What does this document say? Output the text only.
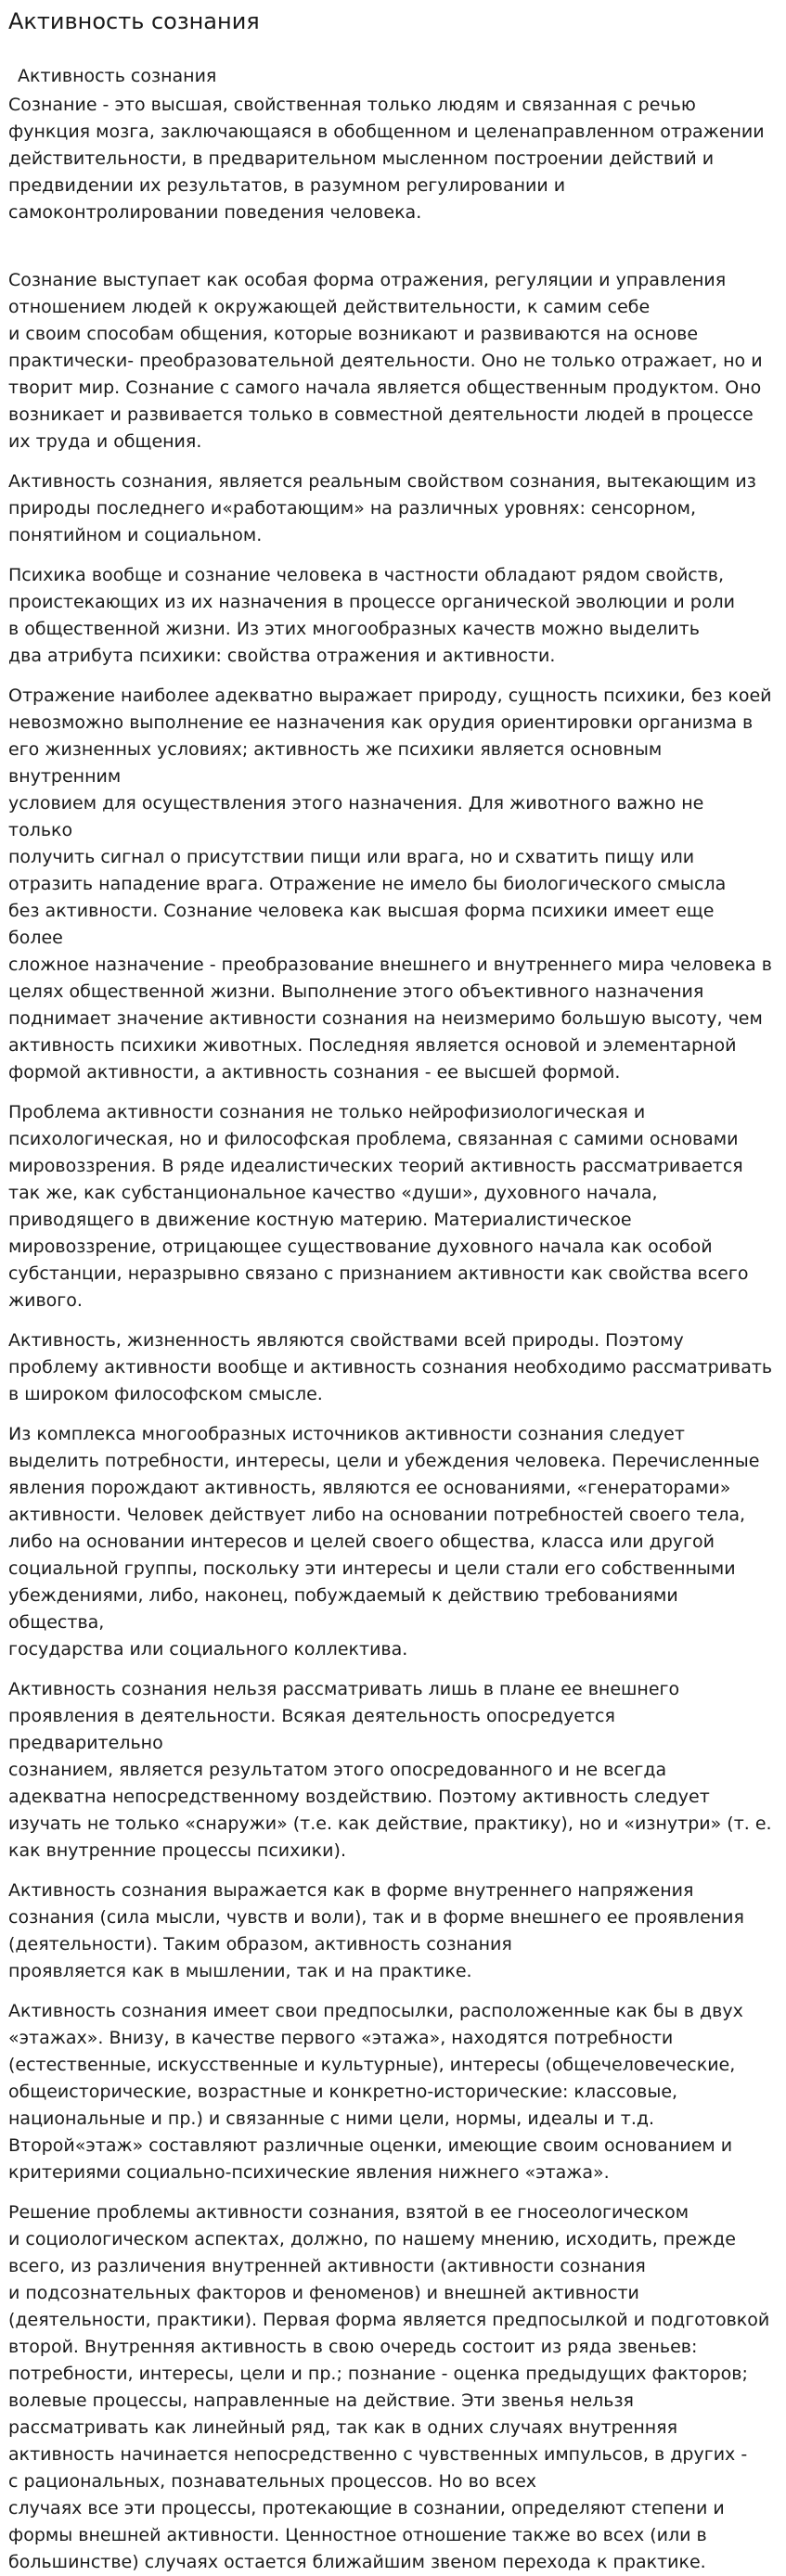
Активность сознания
Активность сознания

Сознание - это высшая, свойственная только людям и связанная с речью
функция мозга, заключающаяся в обобщенном и целенаправленном отражении
действительности, в предварительном мысленном построении действий и
предвидении их результатов, в разумном регулировании и
самоконтролировании поведения человека.

Сознание выступает как особая форма отражения, регуляции и управления
отношением людей к окружающей действительности, к самим себе
и своим способам общения, которые возникают и развиваются на основе
практически- преобразовательной деятельности. Оно не только отражает, но и
творит мир. Сознание с самого начала является общественным продуктом. Оно
возникает и развивается только в совместной деятельности людей в процессе
их труда и общения.

Активность сознания, является реальным свойством сознания, вытекающим из
природы последнего и«работающим» на различных уровнях: сенсорном,
понятийном и социальном.

Психика вообще и сознание человека в частности обладают рядом свойств,
проистекающих из их назначения в процессе органической эволюции и роли
в общественной жизни. Из этих многообразных качеств можно выделить
два атрибута психики: свойства отражения и активности.

Отражение наиболее адекватно выражает природу, сущность психики, без коей
невозможно выполнение ее назначения как орудия ориентировки организма в
его жизненных условиях; активность же психики является основным внутренним
условием для осуществления этого назначения. Для животного важно не только
получить сигнал о присутствии пищи или врага, но и схватить пищу или
отразить нападение врага. Отражение не имело бы биологического смысла
без активности. Сознание человека как высшая форма психики имеет еще более
сложное назначение - преобразование внешнего и внутреннего мира человека в
целях общественной жизни. Выполнение этого объективного назначения
поднимает значение активности сознания на неизмеримо большую высоту, чем
активность психики животных. Последняя является основой и элементарной
формой активности, а активность сознания - ее высшей формой.

Проблема активности сознания не только нейрофизиологическая и
психологическая, но и философская проблема, связанная с самими основами
мировоззрения. В ряде идеалистических теорий активность рассматривается
так же, как субстанциональное качество «души», духовного начала,
приводящего в движение костную материю. Материалистическое
мировоззрение, отрицающее существование духовного начала как особой
субстанции, неразрывно связано с признанием активности как свойства всего
живого.

Активность, жизненность являются свойствами всей природы. Поэтому
проблему активности вообще и активность сознания необходимо рассматривать
в широком философском смысле.

Из комплекса многообразных источников активности сознания следует
выделить потребности, интересы, цели и убеждения человека. Перечисленные
явления порождают активность, являются ее основаниями, «генераторами»
активности. Человек действует либо на основании потребностей своего тела,
либо на основании интересов и целей своего общества, класса или другой
социальной группы, поскольку эти интересы и цели стали его собственными
убеждениями, либо, наконец, побуждаемый к действию требованиями общества,
государства или социального коллектива.

Активность сознания нельзя рассматривать лишь в плане ее внешнего
проявления в деятельности. Всякая деятельность опосредуется предварительно
сознанием, является результатом этого опосредованного и не всегда
адекватна непосредственному воздействию. Поэтому активность следует
изучать не только «снаружи» (т.е. как действие, практику), но и «изнутри» (т. е.
как внутренние процессы психики).

Активность сознания выражается как в форме внутреннего напряжения
сознания (сила мысли, чувств и воли), так и в форме внешнего ее проявления
(деятельности). Таким образом, активность сознания
проявляется как в мышлении, так и на практике.

Активность сознания имеет свои предпосылки, расположенные как бы в двух
«этажах». Внизу, в качестве первого «этажа», находятся потребности
(естественные, искусственные и культурные), интересы (общечеловеческие,
общеисторические, возрастные и конкретно-исторические: классовые,
национальные и пр.) и связанные с ними цели, нормы, идеалы и т.д.
Второй«этаж» составляют различные оценки, имеющие своим основанием и
критериями социально-психические явления нижнего «этажа».

Решение проблемы активности сознания, взятой в ее гносеологическом
и социологическом аспектах, должно, по нашему мнению, исходить, прежде
всего, из различения внутренней активности (активности сознания
и подсознательных факторов и феноменов) и внешней активности
(деятельности, практики). Первая форма является предпосылкой и подготовкой
второй. Внутренняя активность в свою очередь состоит из ряда звеньев:
потребности, интересы, цели и пр.; познание - оценка предыдущих факторов;
волевые процессы, направленные на действие. Эти звенья нельзя
рассматривать как линейный ряд, так как в одних случаях внутренняя
активность начинается непосредственно с чувственных импульсов, в других -
с рациональных, познавательных процессов. Но во всех
случаях все эти процессы, протекающие в сознании, определяют степени и
формы внешней активности. Ценностное отношение также во всех (или в
большинстве) случаях остается ближайшим звеном перехода к практике.
